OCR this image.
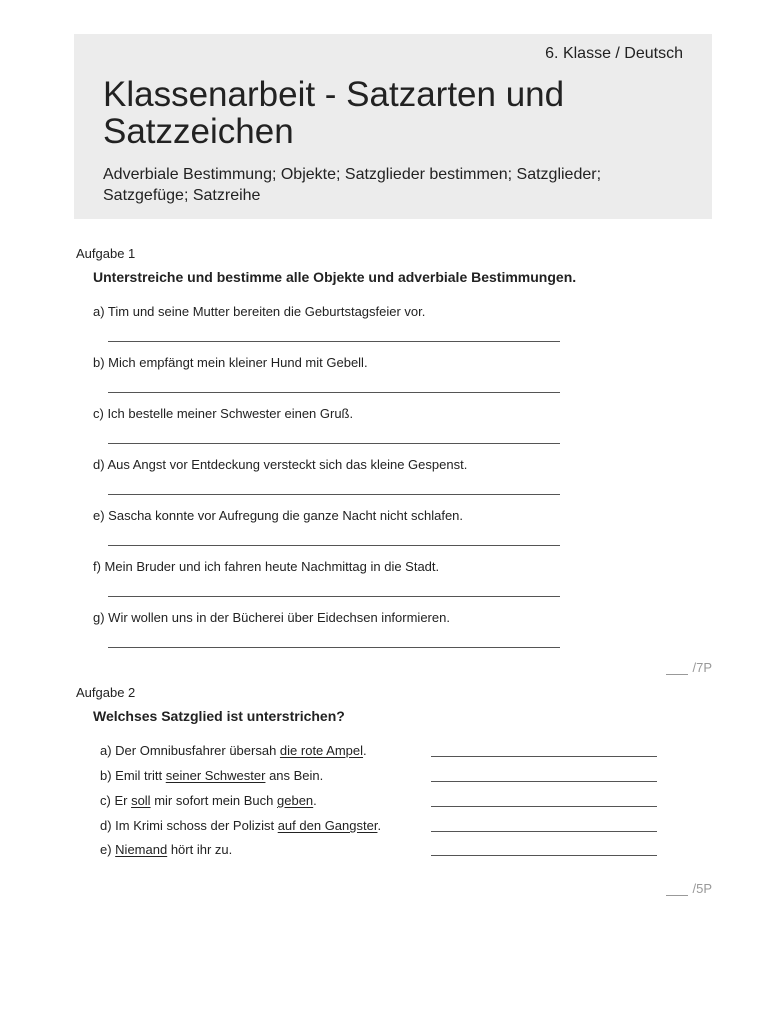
6. Klasse / Deutsch
Klassenarbeit - Satzarten und Satzzeichen
Adverbiale Bestimmung; Objekte; Satzglieder bestimmen; Satzglieder; Satzgefüge; Satzreihe
Aufgabe 1
Unterstreiche und bestimme alle Objekte und adverbiale Bestimmungen.
a) Tim und seine Mutter bereiten die Geburtstagsfeier vor.
b) Mich empfängt mein kleiner Hund mit Gebell.
c) Ich bestelle meiner Schwester einen Gruß.
d) Aus Angst vor Entdeckung versteckt sich das kleine Gespenst.
e) Sascha konnte vor Aufregung die ganze Nacht nicht schlafen.
f) Mein Bruder und ich fahren heute Nachmittag in die Stadt.
g) Wir wollen uns in der Bücherei über Eidechsen informieren.
/7P
Aufgabe 2
Welchses Satzglied ist unterstrichen?
a) Der Omnibusfahrer übersah die rote Ampel.
b) Emil tritt seiner Schwester ans Bein.
c) Er soll mir sofort mein Buch geben.
d) Im Krimi schoss der Polizist auf den Gangster.
e) Niemand hört ihr zu.
/5P
